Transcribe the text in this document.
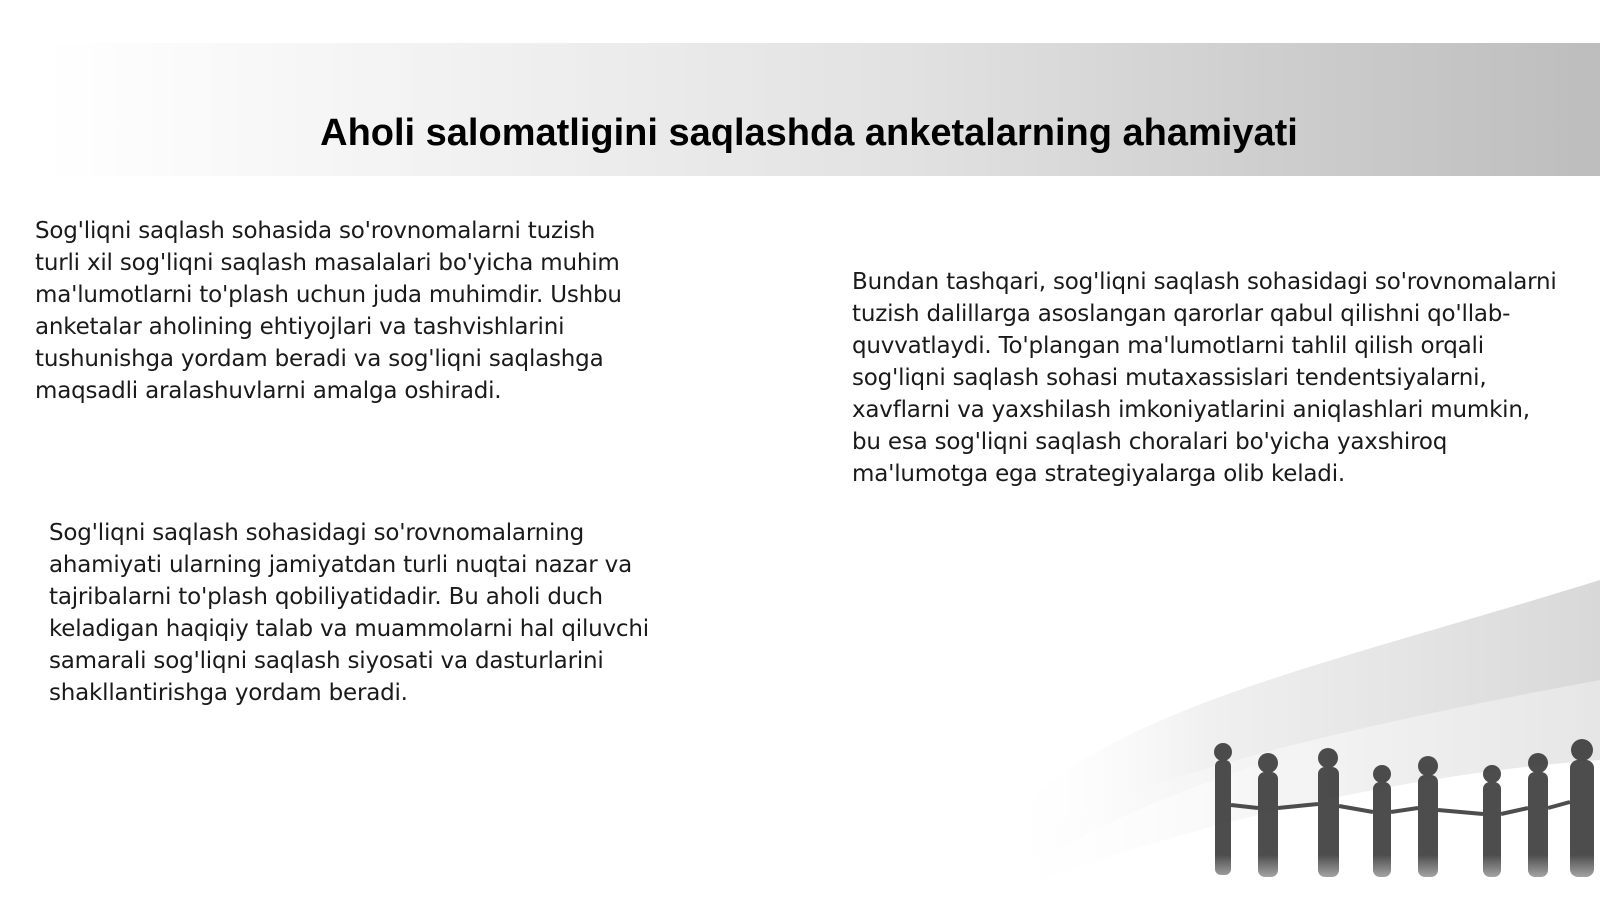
Aholi salomatligini saqlashda anketalarning ahamiyati

Sog'liqni saqlash sohasida so'rovnomalarni tuzish turli xil sog'liqni saqlash masalalari bo'yicha muhim ma'lumotlarni to'plash uchun juda muhimdir. Ushbu anketalar aholining ehtiyojlari va tashvishlarini tushunishga yordam beradi va sog'liqni saqlashga maqsadli aralashuvlarni amalga oshiradi.

Sog'liqni saqlash sohasidagi so'rovnomalarning ahamiyati ularning jamiyatdan turli nuqtai nazar va tajribalarni to'plash qobiliyatidadir. Bu aholi duch keladigan haqiqiy talab va muammolarni hal qiluvchi samarali sog'liqni saqlash siyosati va dasturlarini shakllantirishga yordam beradi.

Bundan tashqari, sog'liqni saqlash sohasidagi so'rovnomalarni tuzish dalillarga asoslangan qarorlar qabul qilishni qo'llab-quvvatlaydi. To'plangan ma'lumotlarni tahlil qilish orqali sog'liqni saqlash sohasi mutaxassislari tendentsiyalarni, xavflarni va yaxshilash imkoniyatlarini aniqlashlari mumkin, bu esa sog'liqni saqlash choralari bo'yicha yaxshiroq ma'lumotga ega strategiyalarga olib keladi.
